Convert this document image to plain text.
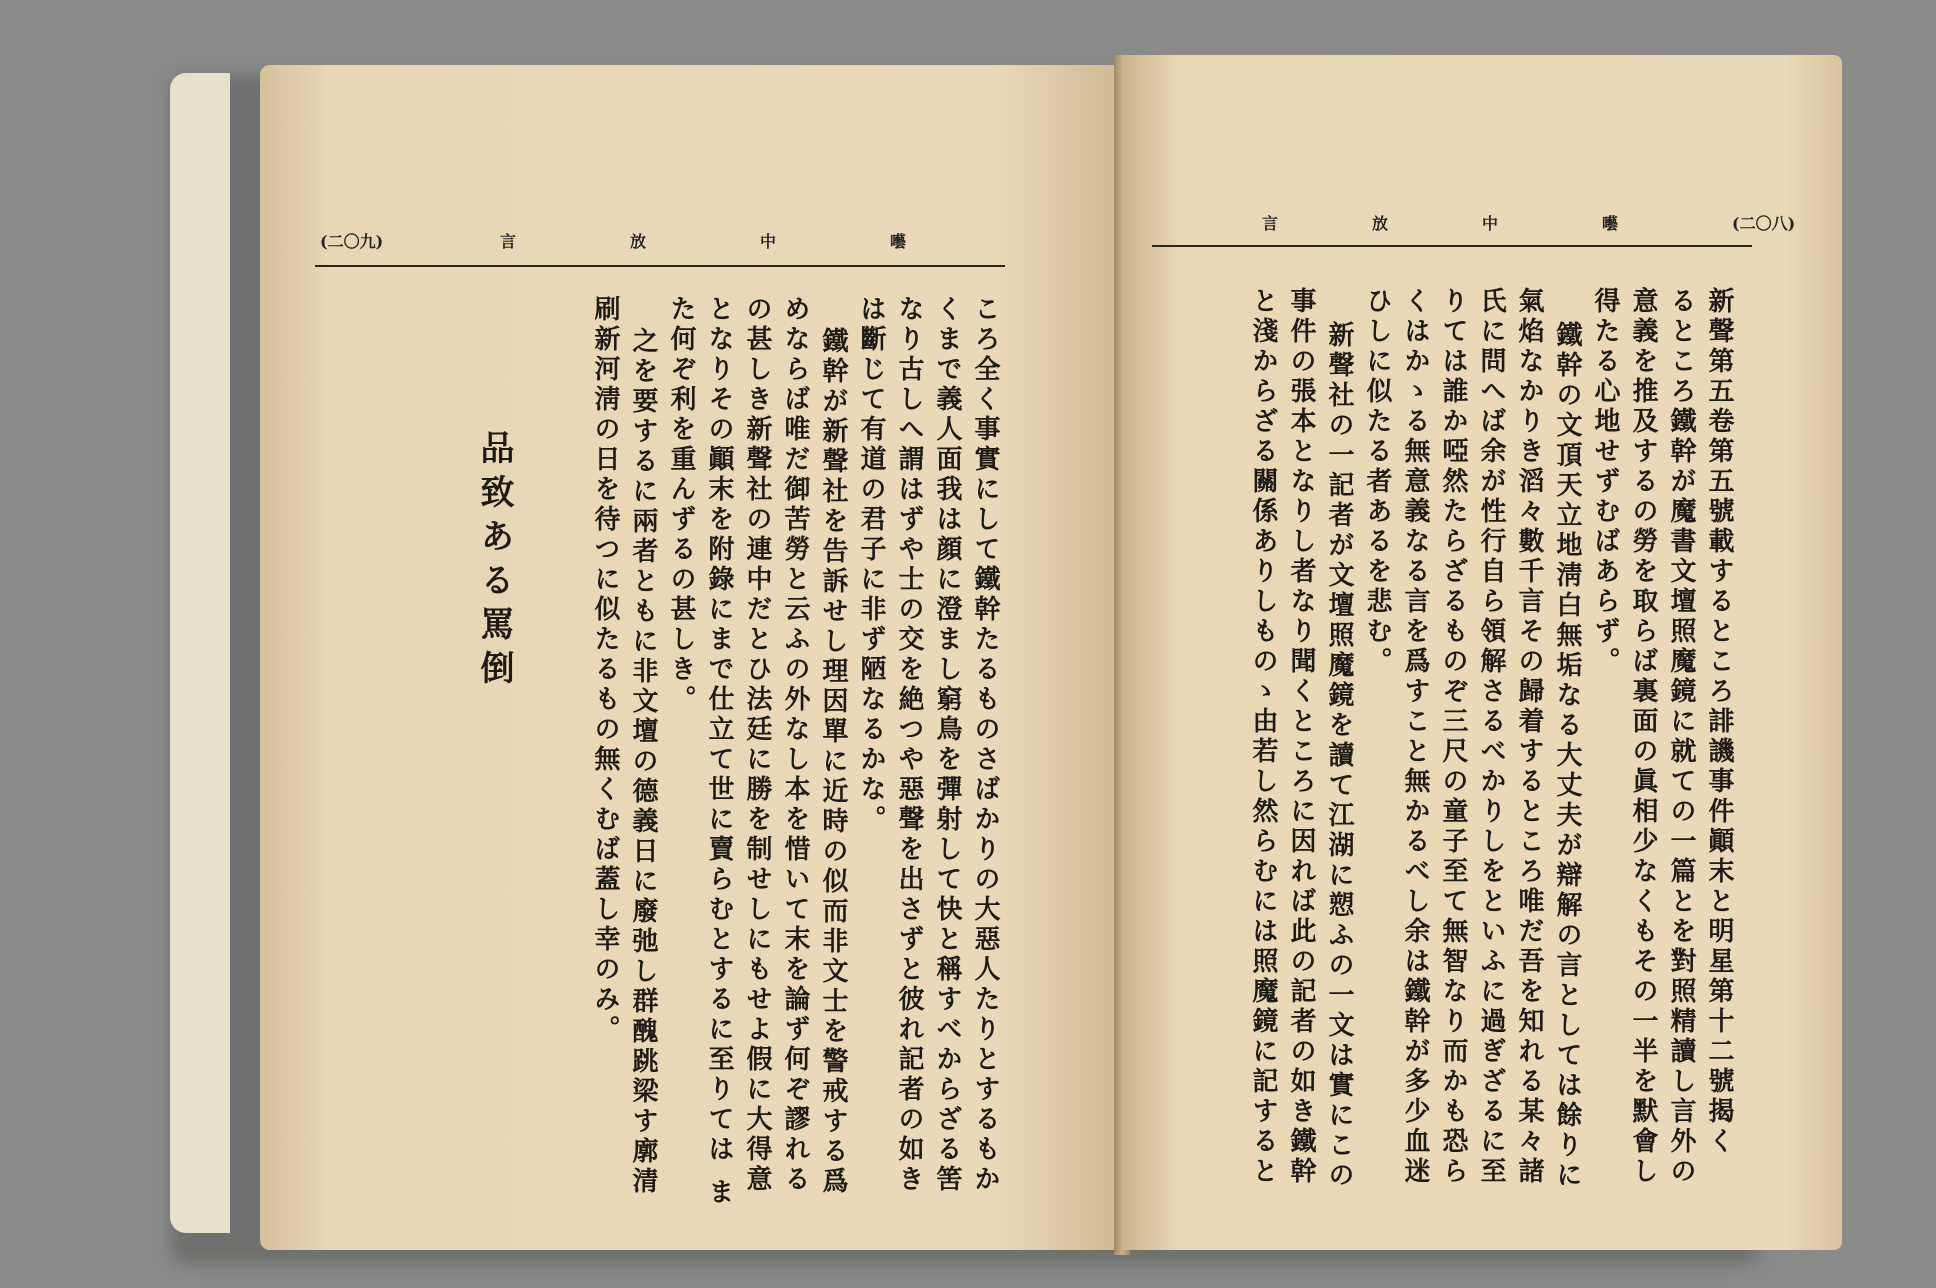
(二〇九)	言	放	中	囈
ころ全く事實にして鐵幹たるものさばかりの大惡人たりとするもか
くまで義人面我は顔に澄まし窮鳥を彈射して快と稱すべからざる筈
なり古しへ謂はずや士の交を絶つや惡聲を出さずと彼れ記者の如き
は斷じて有道の君子に非ず陋なるかな。
鐵幹が新聲社を告訴せし理因單に近時の似而非文士を警戒する爲
めならば唯だ御苦勞と云ふの外なし本を惜いて末を論ず何ぞ謬れる
の甚しき新聲社の連中だとひ法廷に勝を制せしにもせよ假に大得意
となりその顚末を附錄にまで仕立て世に賣らむとするに至りては ま
た何ぞ利を重んずるの甚しき。
之を要するに兩者ともに非文壇の德義日に廢弛し群醜跳梁す廓清
刷新河淸の日を待つに似たるもの無くむば蓋し幸のみ。
品致ある罵倒
言	放	中	囈	(二〇八)
新聲第五卷第五號載するところ誹譏事件顚末と明星第十二號揭く
るところ鐵幹が魔書文壇照魔鏡に就ての一篇とを對照精讀し言外の
意義を推及するの勞を取らば裏面の眞相少なくもその一半を默會し
得たる心地せずむばあらず。
鐵幹の文頂天立地淸白無垢なる大丈夫が辯解の言としては餘りに
氣焰なかりき滔々數千言その歸着するところ唯だ吾を知れる某々諸
氏に問へば余が性行自ら領解さるべかりしをといふに過ぎざるに至
りては誰か啞然たらざるものぞ三尺の童子至て無智なり而かも恐ら
くはかゝる無意義なる言を爲すこと無かるべし余は鐵幹が多少血迷
ひしに似たる者あるを悲む。
新聲社の一記者が文壇照魔鏡を讀て江湖に愬ふの一文は實にこの
事件の張本となりし者なり聞くところに因れば此の記者の如き鐵幹
と淺からざる關係ありしものゝ由若し然らむには照魔鏡に記すると
